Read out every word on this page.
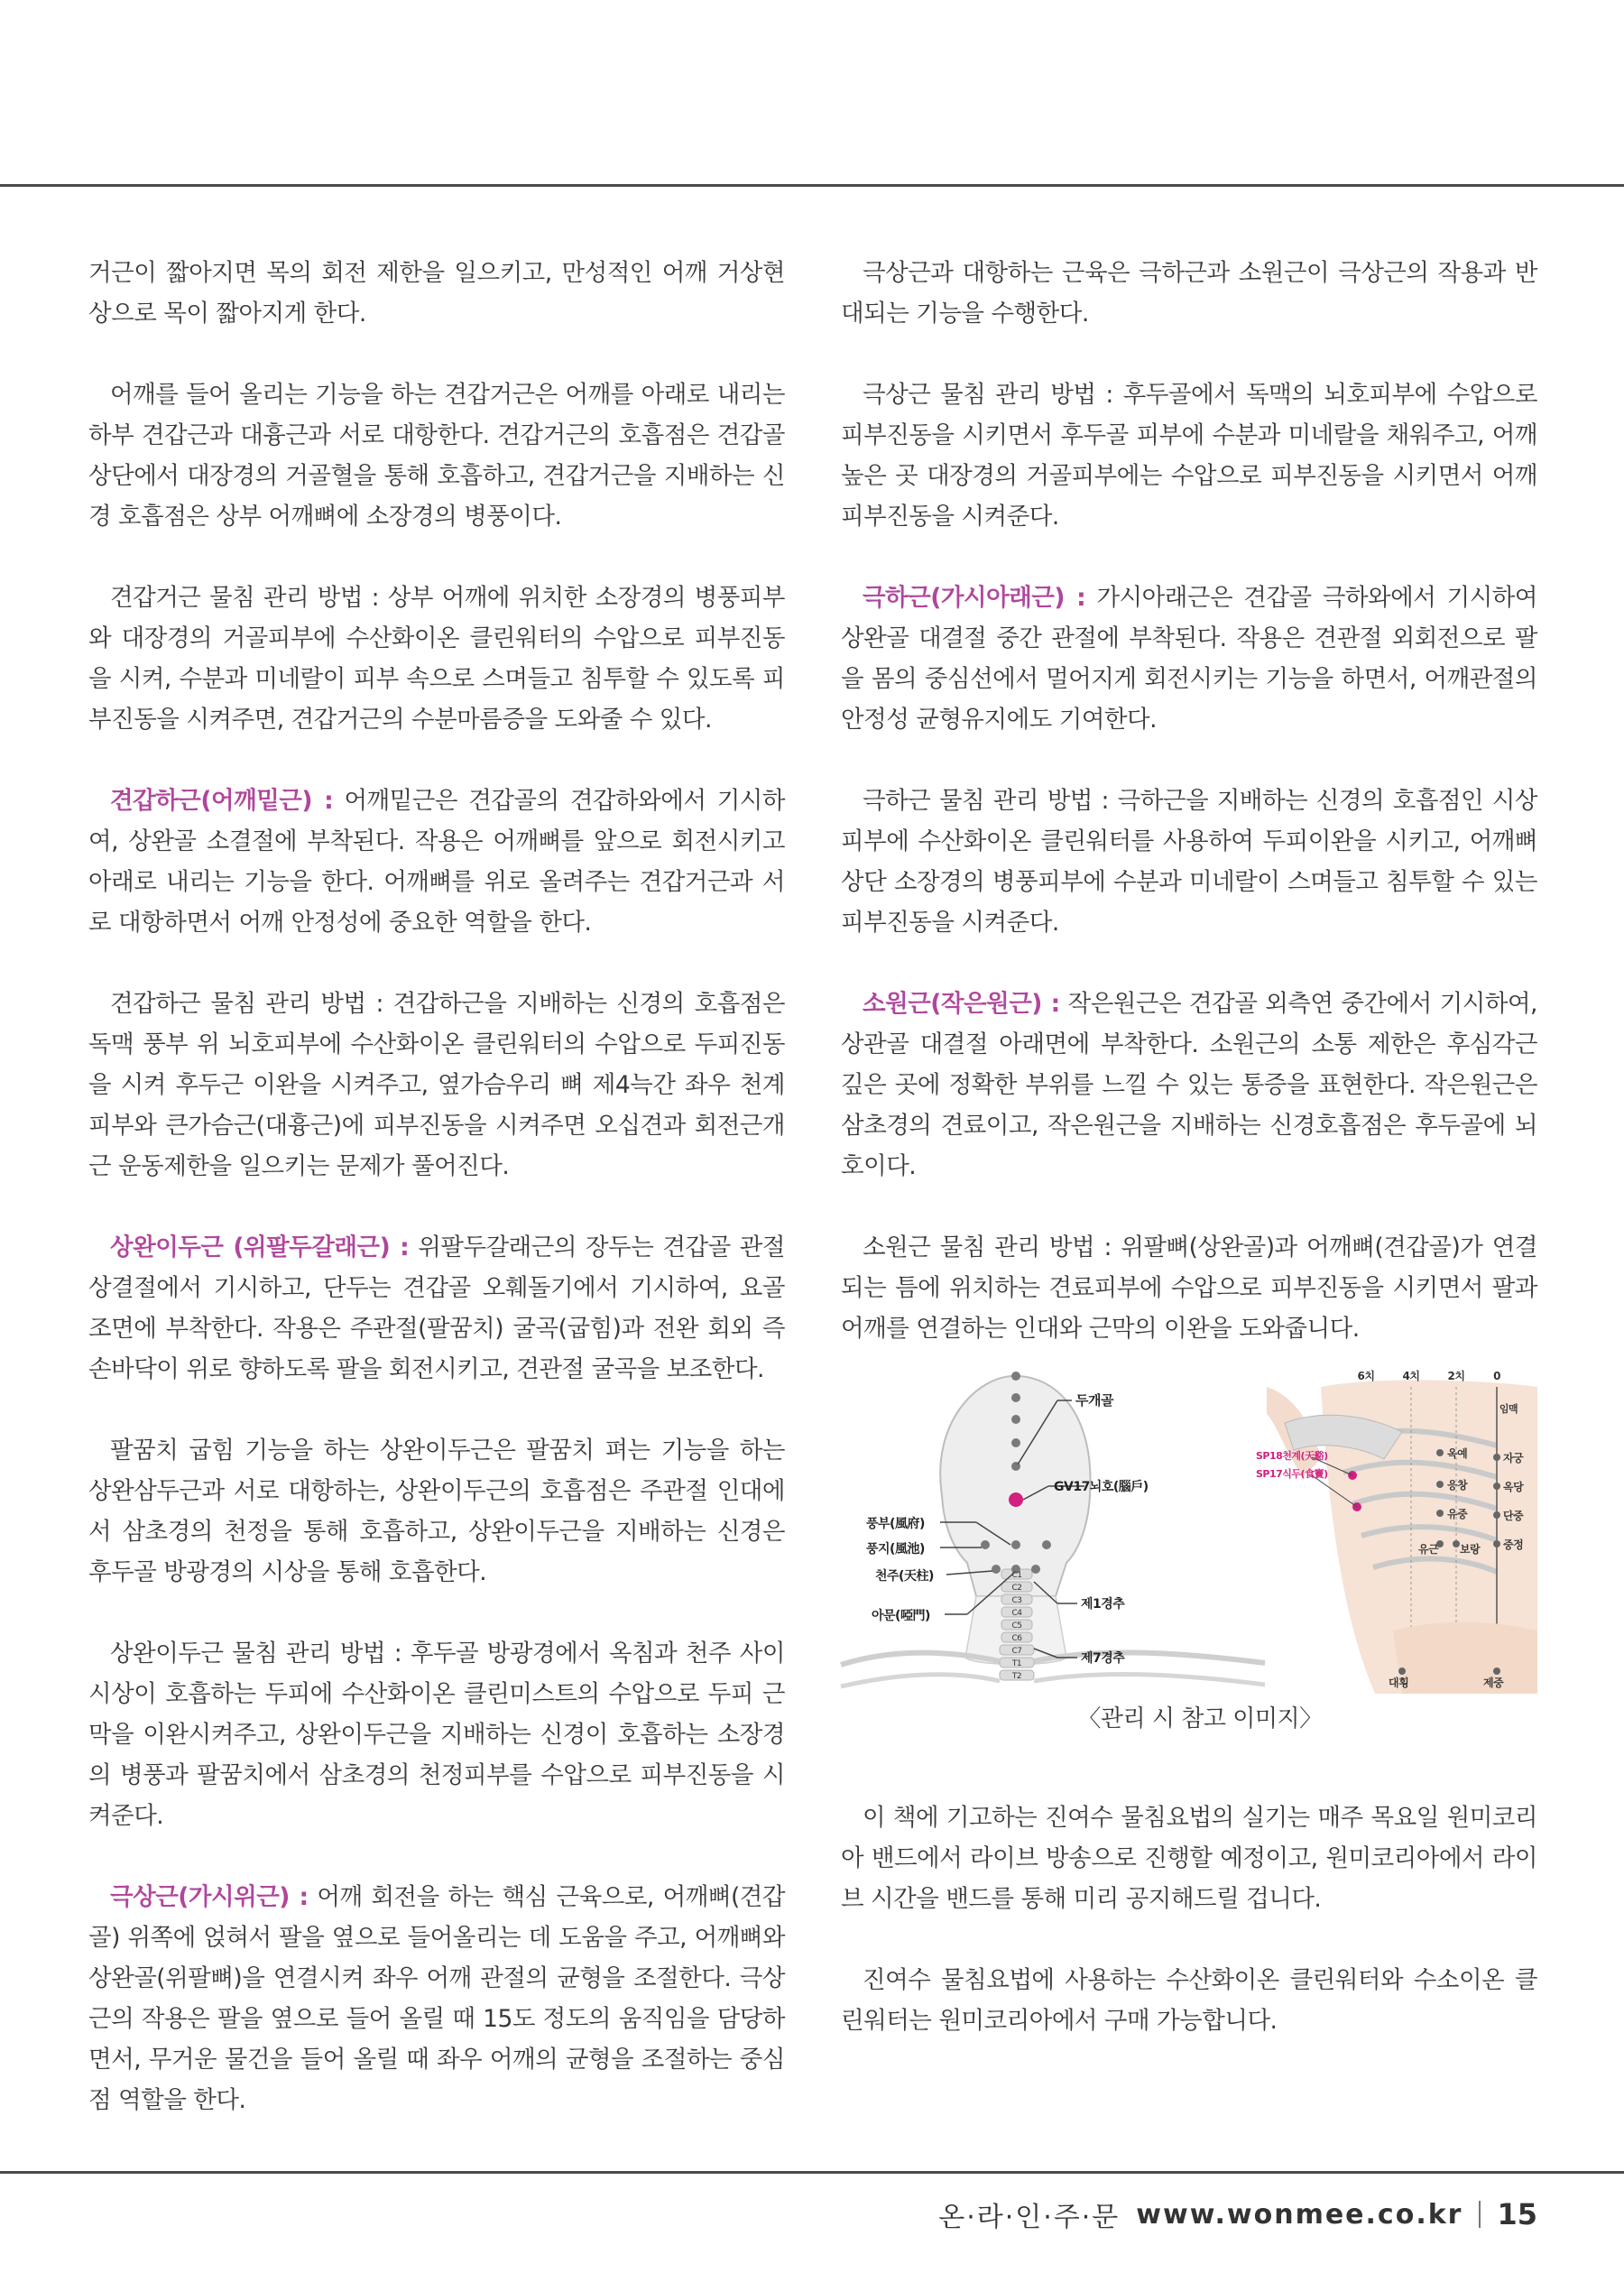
거근이 짧아지면 목의 회전 제한을 일으키고, 만성적인 어깨 거상현상으로 목이 짧아지게 한다.

어깨를 들어 올리는 기능을 하는 견갑거근은 어깨를 아래로 내리는 하부 견갑근과 대흉근과 서로 대항한다. 견갑거근의 호흡점은 견갑골 상단에서 대장경의 거골혈을 통해 호흡하고, 견갑거근을 지배하는 신경 호흡점은 상부 어깨뼈에 소장경의 병풍이다.

견갑거근 물침 관리 방법 : 상부 어깨에 위치한 소장경의 병풍피부와 대장경의 거골피부에 수산화이온 클린워터의 수압으로 피부진동을 시켜, 수분과 미네랄이 피부 속으로 스며들고 침투할 수 있도록 피부진동을 시켜주면, 견갑거근의 수분마름증을 도와줄 수 있다.

견갑하근(어깨밑근) : 어깨밑근은 견갑골의 견갑하와에서 기시하여, 상완골 소결절에 부착된다. 작용은 어깨뼈를 앞으로 회전시키고 아래로 내리는 기능을 한다. 어깨뼈를 위로 올려주는 견갑거근과 서로 대항하면서 어깨 안정성에 중요한 역할을 한다.

견갑하근 물침 관리 방법 : 견갑하근을 지배하는 신경의 호흡점은 독맥 풍부 위 뇌호피부에 수산화이온 클린워터의 수압으로 두피진동을 시켜 후두근 이완을 시켜주고, 옆가슴우리 뼈 제4늑간 좌우 천계 피부와 큰가슴근(대흉근)에 피부진동을 시켜주면 오십견과 회전근개근 운동제한을 일으키는 문제가 풀어진다.

상완이두근 (위팔두갈래근) : 위팔두갈래근의 장두는 견갑골 관절상결절에서 기시하고, 단두는 견갑골 오훼돌기에서 기시하여, 요골 조면에 부착한다. 작용은 주관절(팔꿈치) 굴곡(굽힘)과 전완 회외 즉 손바닥이 위로 향하도록 팔을 회전시키고, 견관절 굴곡을 보조한다.

팔꿈치 굽힘 기능을 하는 상완이두근은 팔꿈치 펴는 기능을 하는 상완삼두근과 서로 대항하는, 상완이두근의 호흡점은 주관절 인대에서 삼초경의 천정을 통해 호흡하고, 상완이두근을 지배하는 신경은 후두골 방광경의 시상을 통해 호흡한다.

상완이두근 물침 관리 방법 : 후두골 방광경에서 옥침과 천주 사이 시상이 호흡하는 두피에 수산화이온 클린미스트의 수압으로 두피 근막을 이완시켜주고, 상완이두근을 지배하는 신경이 호흡하는 소장경의 병풍과 팔꿈치에서 삼초경의 천정피부를 수압으로 피부진동을 시켜준다.

극상근(가시위근) : 어깨 회전을 하는 핵심 근육으로, 어깨뼈(견갑골) 위쪽에 얹혀서 팔을 옆으로 들어올리는 데 도움을 주고, 어깨뼈와 상완골(위팔뼈)을 연결시켜 좌우 어깨 관절의 균형을 조절한다. 극상근의 작용은 팔을 옆으로 들어 올릴 때 15도 정도의 움직임을 담당하면서, 무거운 물건을 들어 올릴 때 좌우 어깨의 균형을 조절하는 중심점 역할을 한다.

극상근과 대항하는 근육은 극하근과 소원근이 극상근의 작용과 반대되는 기능을 수행한다.

극상근 물침 관리 방법 : 후두골에서 독맥의 뇌호피부에 수압으로 피부진동을 시키면서 후두골 피부에 수분과 미네랄을 채워주고, 어깨 높은 곳 대장경의 거골피부에는 수압으로 피부진동을 시키면서 어깨 피부진동을 시켜준다.

극하근(가시아래근) : 가시아래근은 견갑골 극하와에서 기시하여 상완골 대결절 중간 관절에 부착된다. 작용은 견관절 외회전으로 팔을 몸의 중심선에서 멀어지게 회전시키는 기능을 하면서, 어깨관절의 안정성 균형유지에도 기여한다.

극하근 물침 관리 방법 : 극하근을 지배하는 신경의 호흡점인 시상피부에 수산화이온 클린워터를 사용하여 두피이완을 시키고, 어깨뼈 상단 소장경의 병풍피부에 수분과 미네랄이 스며들고 침투할 수 있는 피부진동을 시켜준다.

소원근(작은원근) : 작은원근은 견갑골 외측연 중간에서 기시하여, 상관골 대결절 아래면에 부착한다. 소원근의 소통 제한은 후심각근 깊은 곳에 정확한 부위를 느낄 수 있는 통증을 표현한다. 작은원근은 삼초경의 견료이고, 작은원근을 지배하는 신경호흡점은 후두골에 뇌호이다.

소원근 물침 관리 방법 : 위팔뼈(상완골)과 어깨뼈(견갑골)가 연결되는 틈에 위치하는 견료피부에 수압으로 피부진동을 시키면서 팔과 어깨를 연결하는 인대와 근막의 이완을 도와줍니다.

두개골
GV17뇌호(腦戶)
풍부(風府)
풍지(風池)
천주(天柱)
아문(啞門)
제1경추
제7경추
C1
C2
C3
C4
C5
C6
C7
T1
T2
6치	4치	2치	0
임맥
SP18천계(天谿)
SP17식두(食竇)
옥예
응창
유중
유근 보랑
자궁
옥당
단중
중정
대횡	제중

〈관리 시 참고 이미지〉

이 책에 기고하는 진여수 물침요법의 실기는 매주 목요일 원미코리아 밴드에서 라이브 방송으로 진행할 예정이고, 원미코리아에서 라이브 시간을 밴드를 통해 미리 공지해드릴 겁니다.

진여수 물침요법에 사용하는 수산화이온 클린워터와 수소이온 클린워터는 원미코리아에서 구매 가능합니다.

온·라·인·주·문 www.wonmee.co.kr 15
